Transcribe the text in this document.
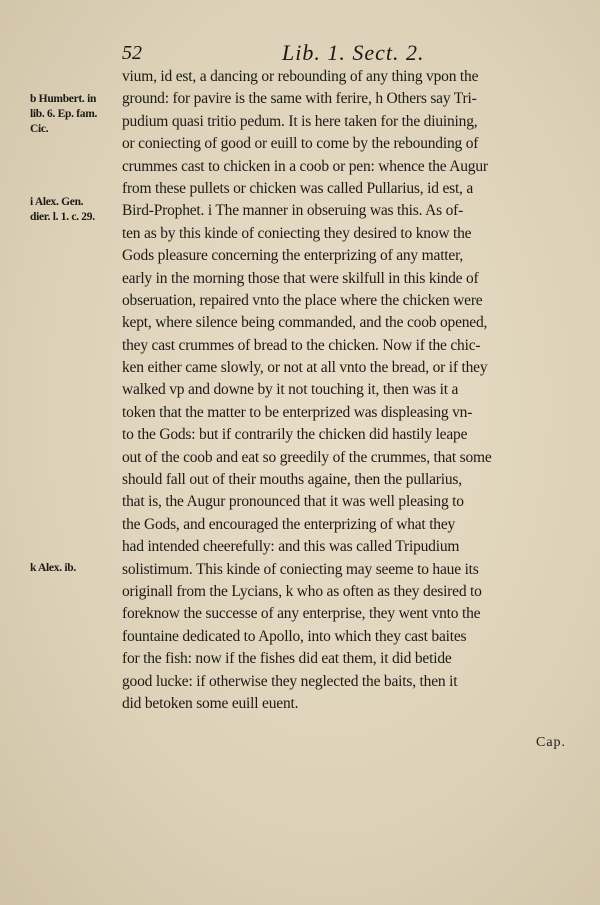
52	Lib. 1. Sect. 2.
b Humbert. in
lib. 6. Ep. fam.
Cic.
i Alex. Gen.
dier. l. 1. c. 29.
k Alex. ib.
vium, id est, a dancing or rebounding of any thing vpon the
ground: for pavire is the same with ferire, h Others say Tri-
pudium quasi tritio pedum. It is here taken for the diuining,
or coniecting of good or euill to come by the rebounding of
crummes cast to chicken in a coob or pen: whence the Augur
from these pullets or chicken was called Pullarius, id est, a
Bird-Prophet. i The manner in obseruing was this. As of-
ten as by this kinde of coniecting they desired to know the
Gods pleasure concerning the enterprizing of any matter,
early in the morning those that were skilfull in this kinde of
obseruation, repaired vnto the place where the chicken were
kept, where silence being commanded, and the coob opened,
they cast crummes of bread to the chicken. Now if the chic-
ken either came slowly, or not at all vnto the bread, or if they
walked vp and downe by it not touching it, then was it a
token that the matter to be enterprized was displeasing vn-
to the Gods: but if contrarily the chicken did hastily leape
out of the coob and eat so greedily of the crummes, that some
should fall out of their mouths againe, then the pullarius,
that is, the Augur pronounced that it was well pleasing to
the Gods, and encouraged the enterprizing of what they
had intended cheerefully: and this was called Tripudium
solistimum. This kinde of coniecting may seeme to haue its
originall from the Lycians, k who as often as they desired to
foreknow the successe of any enterprise, they went vnto the
fountaine dedicated to Apollo, into which they cast baites
for the fish: now if the fishes did eat them, it did betide
good lucke: if otherwise they neglected the baits, then it
did betoken some euill euent.
Cap.
